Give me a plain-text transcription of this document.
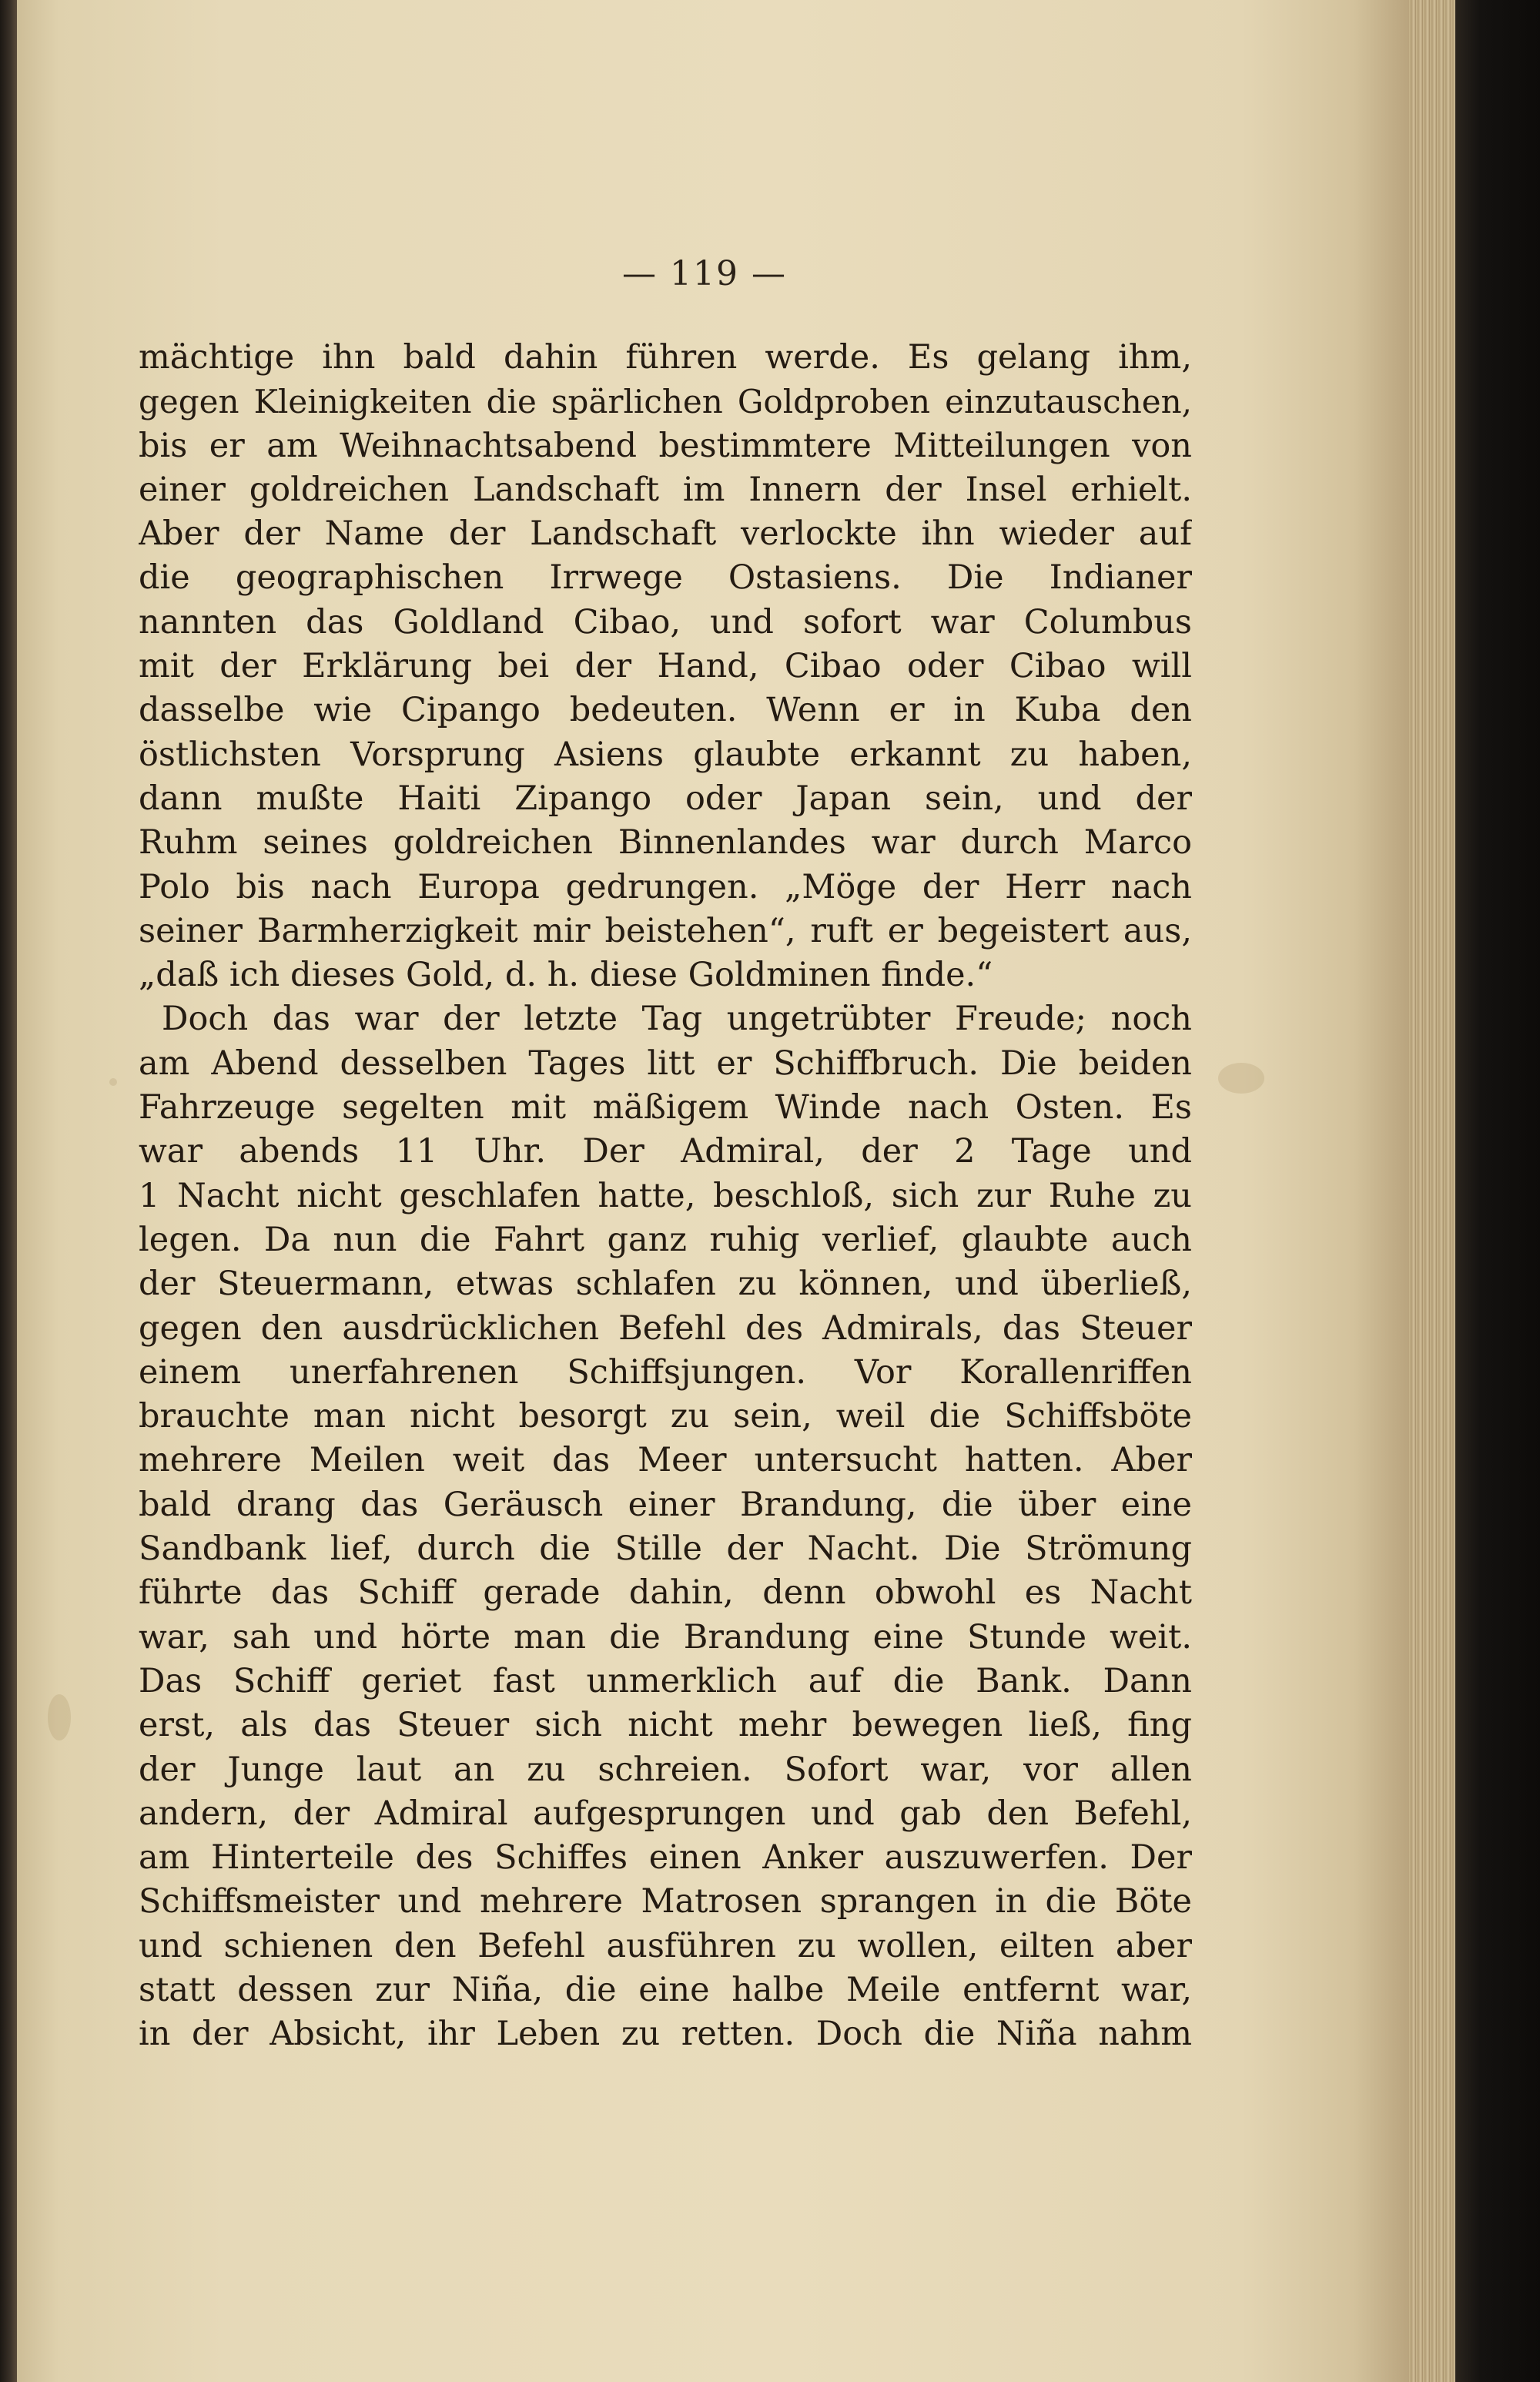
— 119 —
mächtige ihn bald dahin führen werde. Es gelang ihm,
gegen Kleinigkeiten die spärlichen Goldproben einzutauschen,
bis er am Weihnachtsabend bestimmtere Mitteilungen von
einer goldreichen Landschaft im Innern der Insel erhielt.
Aber der Name der Landschaft verlockte ihn wieder auf
die geographischen Irrwege Ostasiens. Die Indianer
nannten das Goldland Cibao, und sofort war Columbus
mit der Erklärung bei der Hand, Cibao oder Cibao will
dasselbe wie Cipango bedeuten. Wenn er in Kuba den
östlichsten Vorsprung Asiens glaubte erkannt zu haben,
dann mußte Haiti Zipango oder Japan sein, und der
Ruhm seines goldreichen Binnenlandes war durch Marco
Polo bis nach Europa gedrungen. „Möge der Herr nach
seiner Barmherzigkeit mir beistehen“, ruft er begeistert aus,
„daß ich dieses Gold, d. h. diese Goldminen finde.“
Doch das war der letzte Tag ungetrübter Freude; noch
am Abend desselben Tages litt er Schiffbruch. Die beiden
Fahrzeuge segelten mit mäßigem Winde nach Osten. Es
war abends 11 Uhr. Der Admiral, der 2 Tage und
1 Nacht nicht geschlafen hatte, beschloß, sich zur Ruhe zu
legen. Da nun die Fahrt ganz ruhig verlief, glaubte auch
der Steuermann, etwas schlafen zu können, und überließ,
gegen den ausdrücklichen Befehl des Admirals, das Steuer
einem unerfahrenen Schiffsjungen. Vor Korallenriffen
brauchte man nicht besorgt zu sein, weil die Schiffsböte
mehrere Meilen weit das Meer untersucht hatten. Aber
bald drang das Geräusch einer Brandung, die über eine
Sandbank lief, durch die Stille der Nacht. Die Strömung
führte das Schiff gerade dahin, denn obwohl es Nacht
war, sah und hörte man die Brandung eine Stunde weit.
Das Schiff geriet fast unmerklich auf die Bank. Dann
erst, als das Steuer sich nicht mehr bewegen ließ, fing
der Junge laut an zu schreien. Sofort war, vor allen
andern, der Admiral aufgesprungen und gab den Befehl,
am Hinterteile des Schiffes einen Anker auszuwerfen. Der
Schiffsmeister und mehrere Matrosen sprangen in die Böte
und schienen den Befehl ausführen zu wollen, eilten aber
statt dessen zur Niña, die eine halbe Meile entfernt war,
in der Absicht, ihr Leben zu retten. Doch die Niña nahm
